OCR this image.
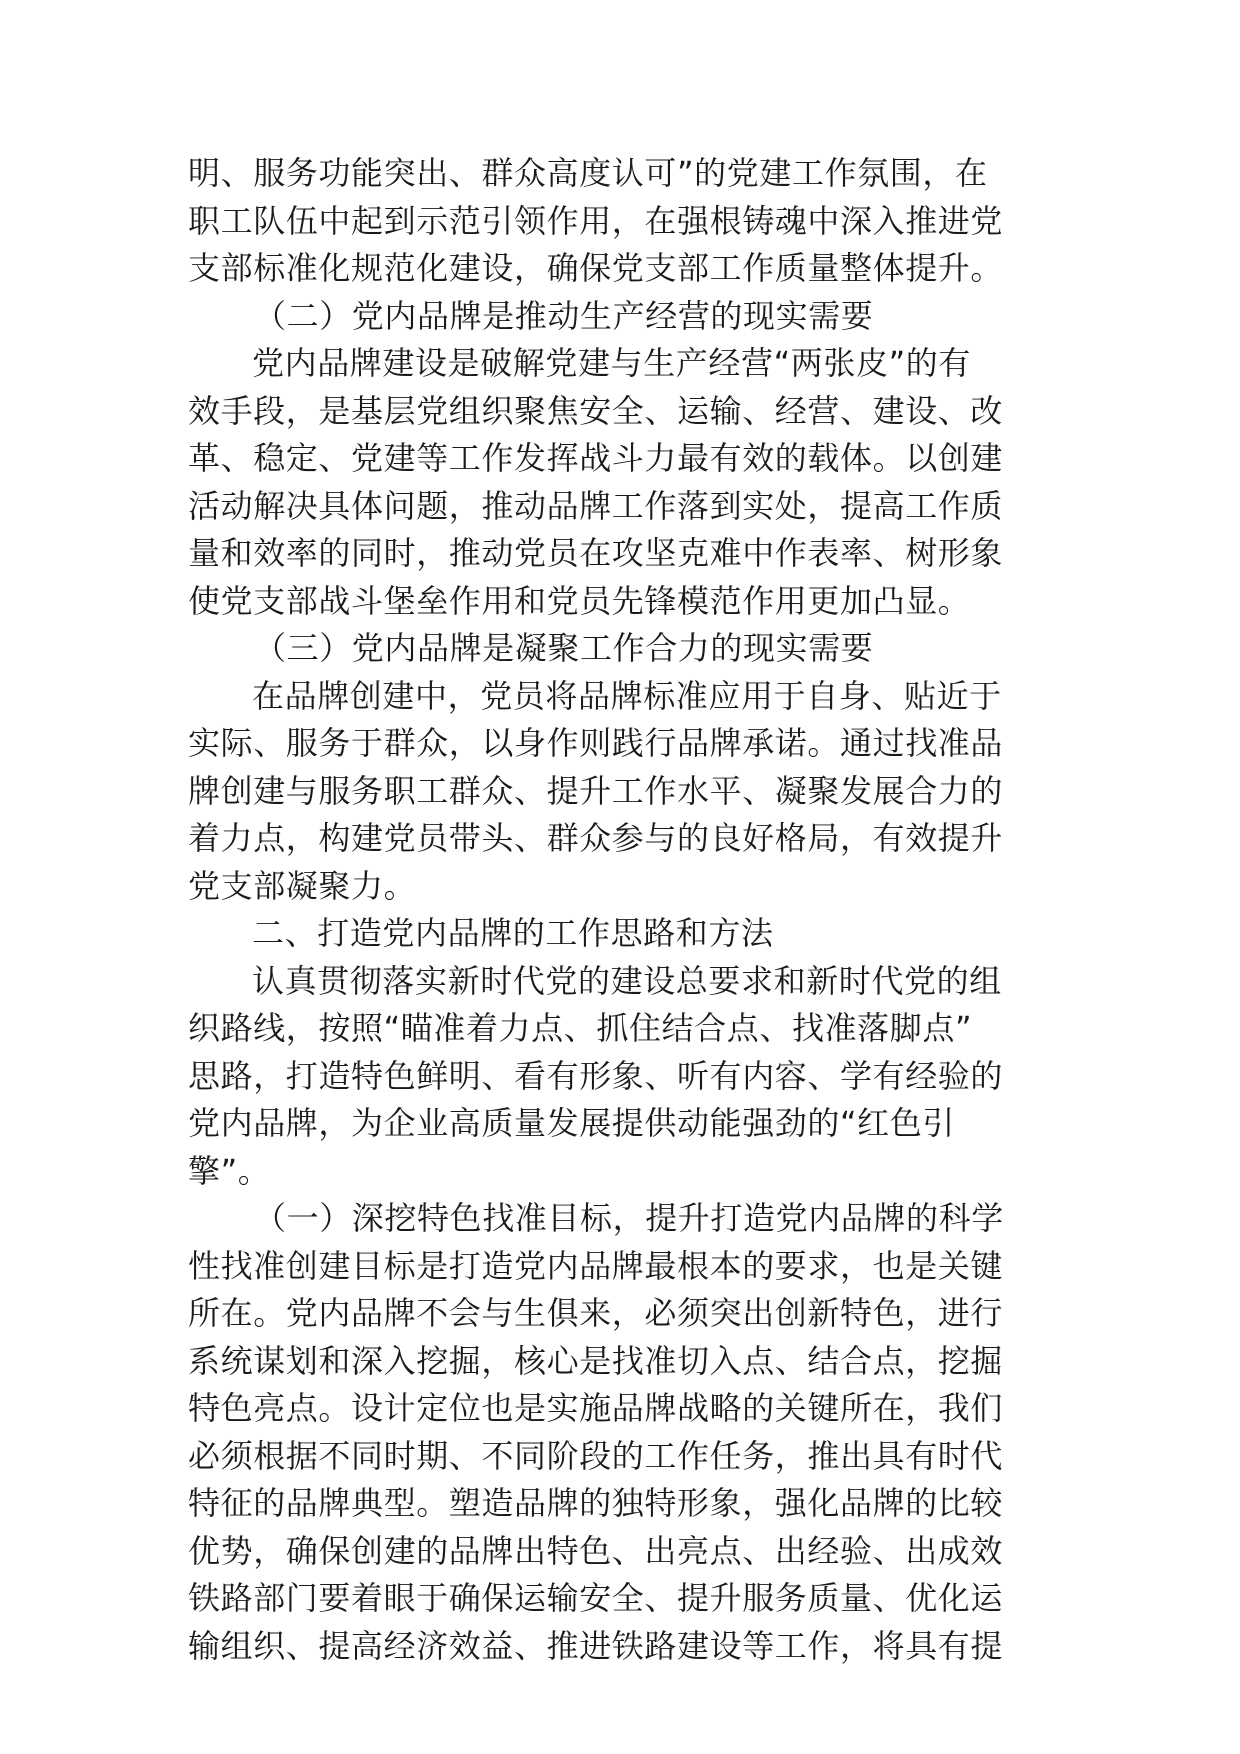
明、服务功能突出、群众高度认可”的党建工作氛围，在
职工队伍中起到示范引领作用，在强根铸魂中深入推进党
支部标准化规范化建设，确保党支部工作质量整体提升。
（二）党内品牌是推动生产经营的现实需要
党内品牌建设是破解党建与生产经营“两张皮”的有
效手段，是基层党组织聚焦安全、运输、经营、建设、改
革、稳定、党建等工作发挥战斗力最有效的载体。以创建
活动解决具体问题，推动品牌工作落到实处，提高工作质
量和效率的同时，推动党员在攻坚克难中作表率、树形象
使党支部战斗堡垒作用和党员先锋模范作用更加凸显。
（三）党内品牌是凝聚工作合力的现实需要
在品牌创建中，党员将品牌标准应用于自身、贴近于
实际、服务于群众，以身作则践行品牌承诺。通过找准品
牌创建与服务职工群众、提升工作水平、凝聚发展合力的
着力点，构建党员带头、群众参与的良好格局，有效提升
党支部凝聚力。
二、打造党内品牌的工作思路和方法
认真贯彻落实新时代党的建设总要求和新时代党的组
织路线，按照“瞄准着力点、抓住结合点、找准落脚点”
思路，打造特色鲜明、看有形象、听有内容、学有经验的
党内品牌，为企业高质量发展提供动能强劲的“红色引
擎”。
（一）深挖特色找准目标，提升打造党内品牌的科学
性找准创建目标是打造党内品牌最根本的要求，也是关键
所在。党内品牌不会与生俱来，必须突出创新特色，进行
系统谋划和深入挖掘，核心是找准切入点、结合点，挖掘
特色亮点。设计定位也是实施品牌战略的关键所在，我们
必须根据不同时期、不同阶段的工作任务，推出具有时代
特征的品牌典型。塑造品牌的独特形象，强化品牌的比较
优势，确保创建的品牌出特色、出亮点、出经验、出成效
铁路部门要着眼于确保运输安全、提升服务质量、优化运
输组织、提高经济效益、推进铁路建设等工作，将具有提
